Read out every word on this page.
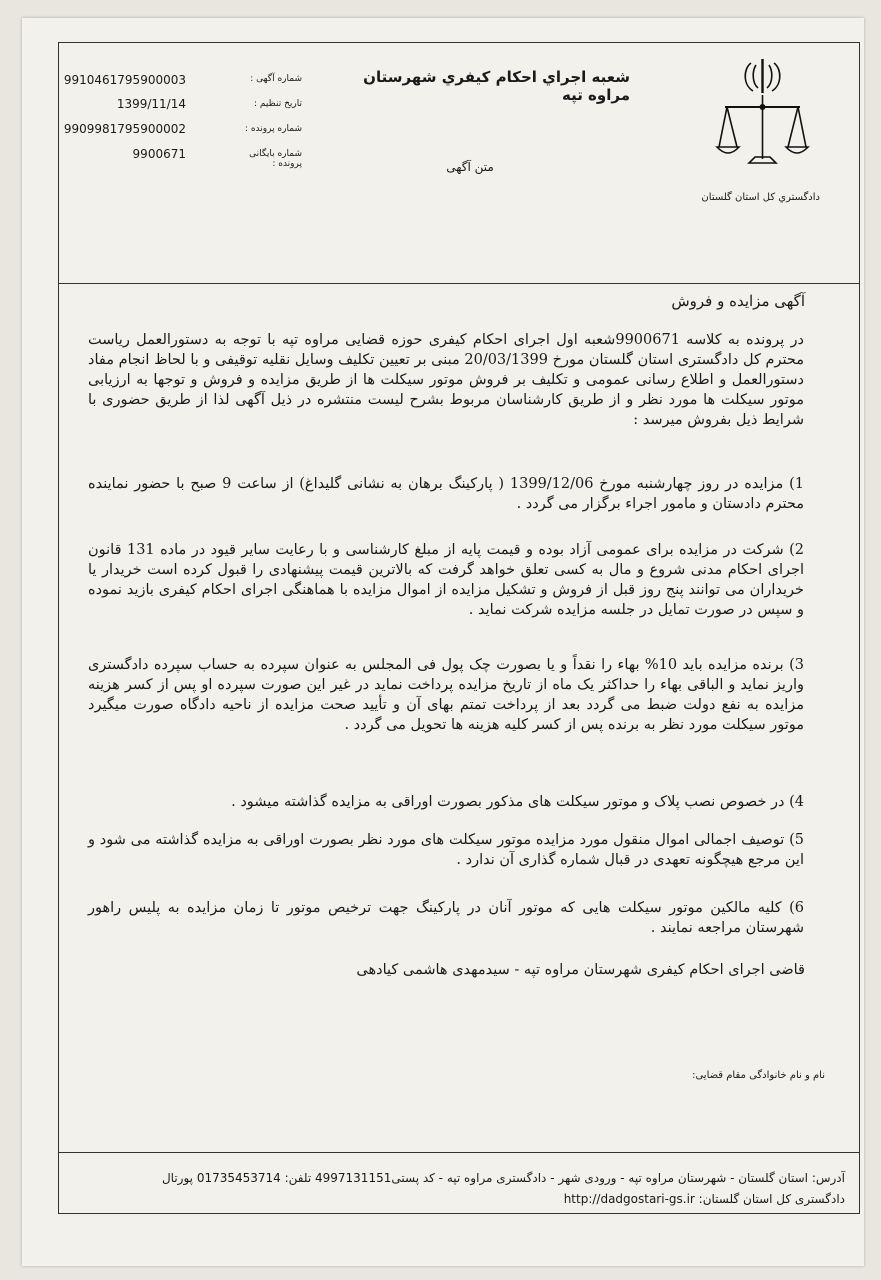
شماره آگهی :
9910461795900003
تاریخ تنظیم :
1399/11/14
شماره پرونده :
9909981795900002
شماره بایگانی پرونده :
9900671
شعبه اجراي احكام كيفري شهرستان مراوه تپه
متن آگهی
دادگستري كل استان گلستان
آگهی مزایده و فروش
در پرونده به کلاسه 9900671شعبه اول اجرای احکام کیفری حوزه قضایی مراوه تپه با توجه به دستورالعمل ریاست محترم کل دادگستری استان گلستان مورخ 20/03/1399 مبنی بر تعیین تکلیف وسایل نقلیه توقیفی و با لحاظ انجام مفاد دستورالعمل و اطلاع رسانی عمومی و تکلیف بر فروش موتور سیکلت ها از طریق مزایده و فروش و توجها به ارزیابی موتور سیکلت ها مورد نظر و از طریق کارشناسان مربوط بشرح لیست منتشره در ذیل آگهی لذا از طریق حضوری با شرایط ذیل بفروش میرسد :
1) مزایده در روز چهارشنبه مورخ 1399/12/06 ( پارکینگ برهان به نشانی گلیداغ) از ساعت 9 صبح با حضور نماینده محترم دادستان و مامور اجراء برگزار می گردد .
2) شرکت در مزایده برای عمومی آزاد بوده و قیمت پایه از مبلغ کارشناسی و با رعایت سایر قیود در ماده 131 قانون اجرای احکام مدنی شروع و مال به کسی تعلق خواهد گرفت که بالاترین قیمت پیشنهادی را قبول کرده است خریدار یا خریداران می توانند پنج روز قبل از فروش و تشکیل مزایده از اموال مزایده با هماهنگی اجرای احکام کیفری بازید نموده و سپس در صورت تمایل در جلسه مزایده شرکت نماید .
3) برنده مزایده باید 10% بهاء را نقداً و یا بصورت چک پول فی المجلس به عنوان سپرده به حساب سپرده دادگستری واریز نماید و الباقی بهاء را حداکثر یک ماه از تاریخ مزایده پرداخت نماید در غیر این صورت سپرده او پس از کسر هزینه مزایده به نفع دولت ضبط می گردد بعد از پرداخت تمتم بهای آن و تأیید صحت مزایده از ناحیه دادگاه صورت میگیرد موتور سیکلت مورد نظر به برنده پس از کسر کلیه هزینه ها تحویل می گردد .
4) در خصوص نصب پلاک و موتور سیکلت های مذکور بصورت اوراقی به مزایده گذاشته میشود .
5) توصیف اجمالی اموال منقول مورد مزایده موتور سیکلت های مورد نظر بصورت اوراقی به مزایده گذاشته می شود و این مرجع هیچگونه تعهدی در قبال شماره گذاری آن ندارد .
6) کلیه مالکین موتور سیکلت هایی که موتور آنان در پارکینگ جهت ترخیص موتور تا زمان مزایده به پلیس راهور شهرستان مراجعه نمایند .
قاضی اجرای احکام کیفری شهرستان مراوه تپه - سیدمهدی هاشمی کیادهی
نام و نام خانوادگی مقام قضایی:
آدرس: استان گلستان - شهرستان مراوه تپه - ورودی شهر - دادگستری مراوه تپه - كد پستی4997131151 تلفن: 01735453714 پورتال
دادگستری كل استان گلستان: http://dadgostari-gs.ir
